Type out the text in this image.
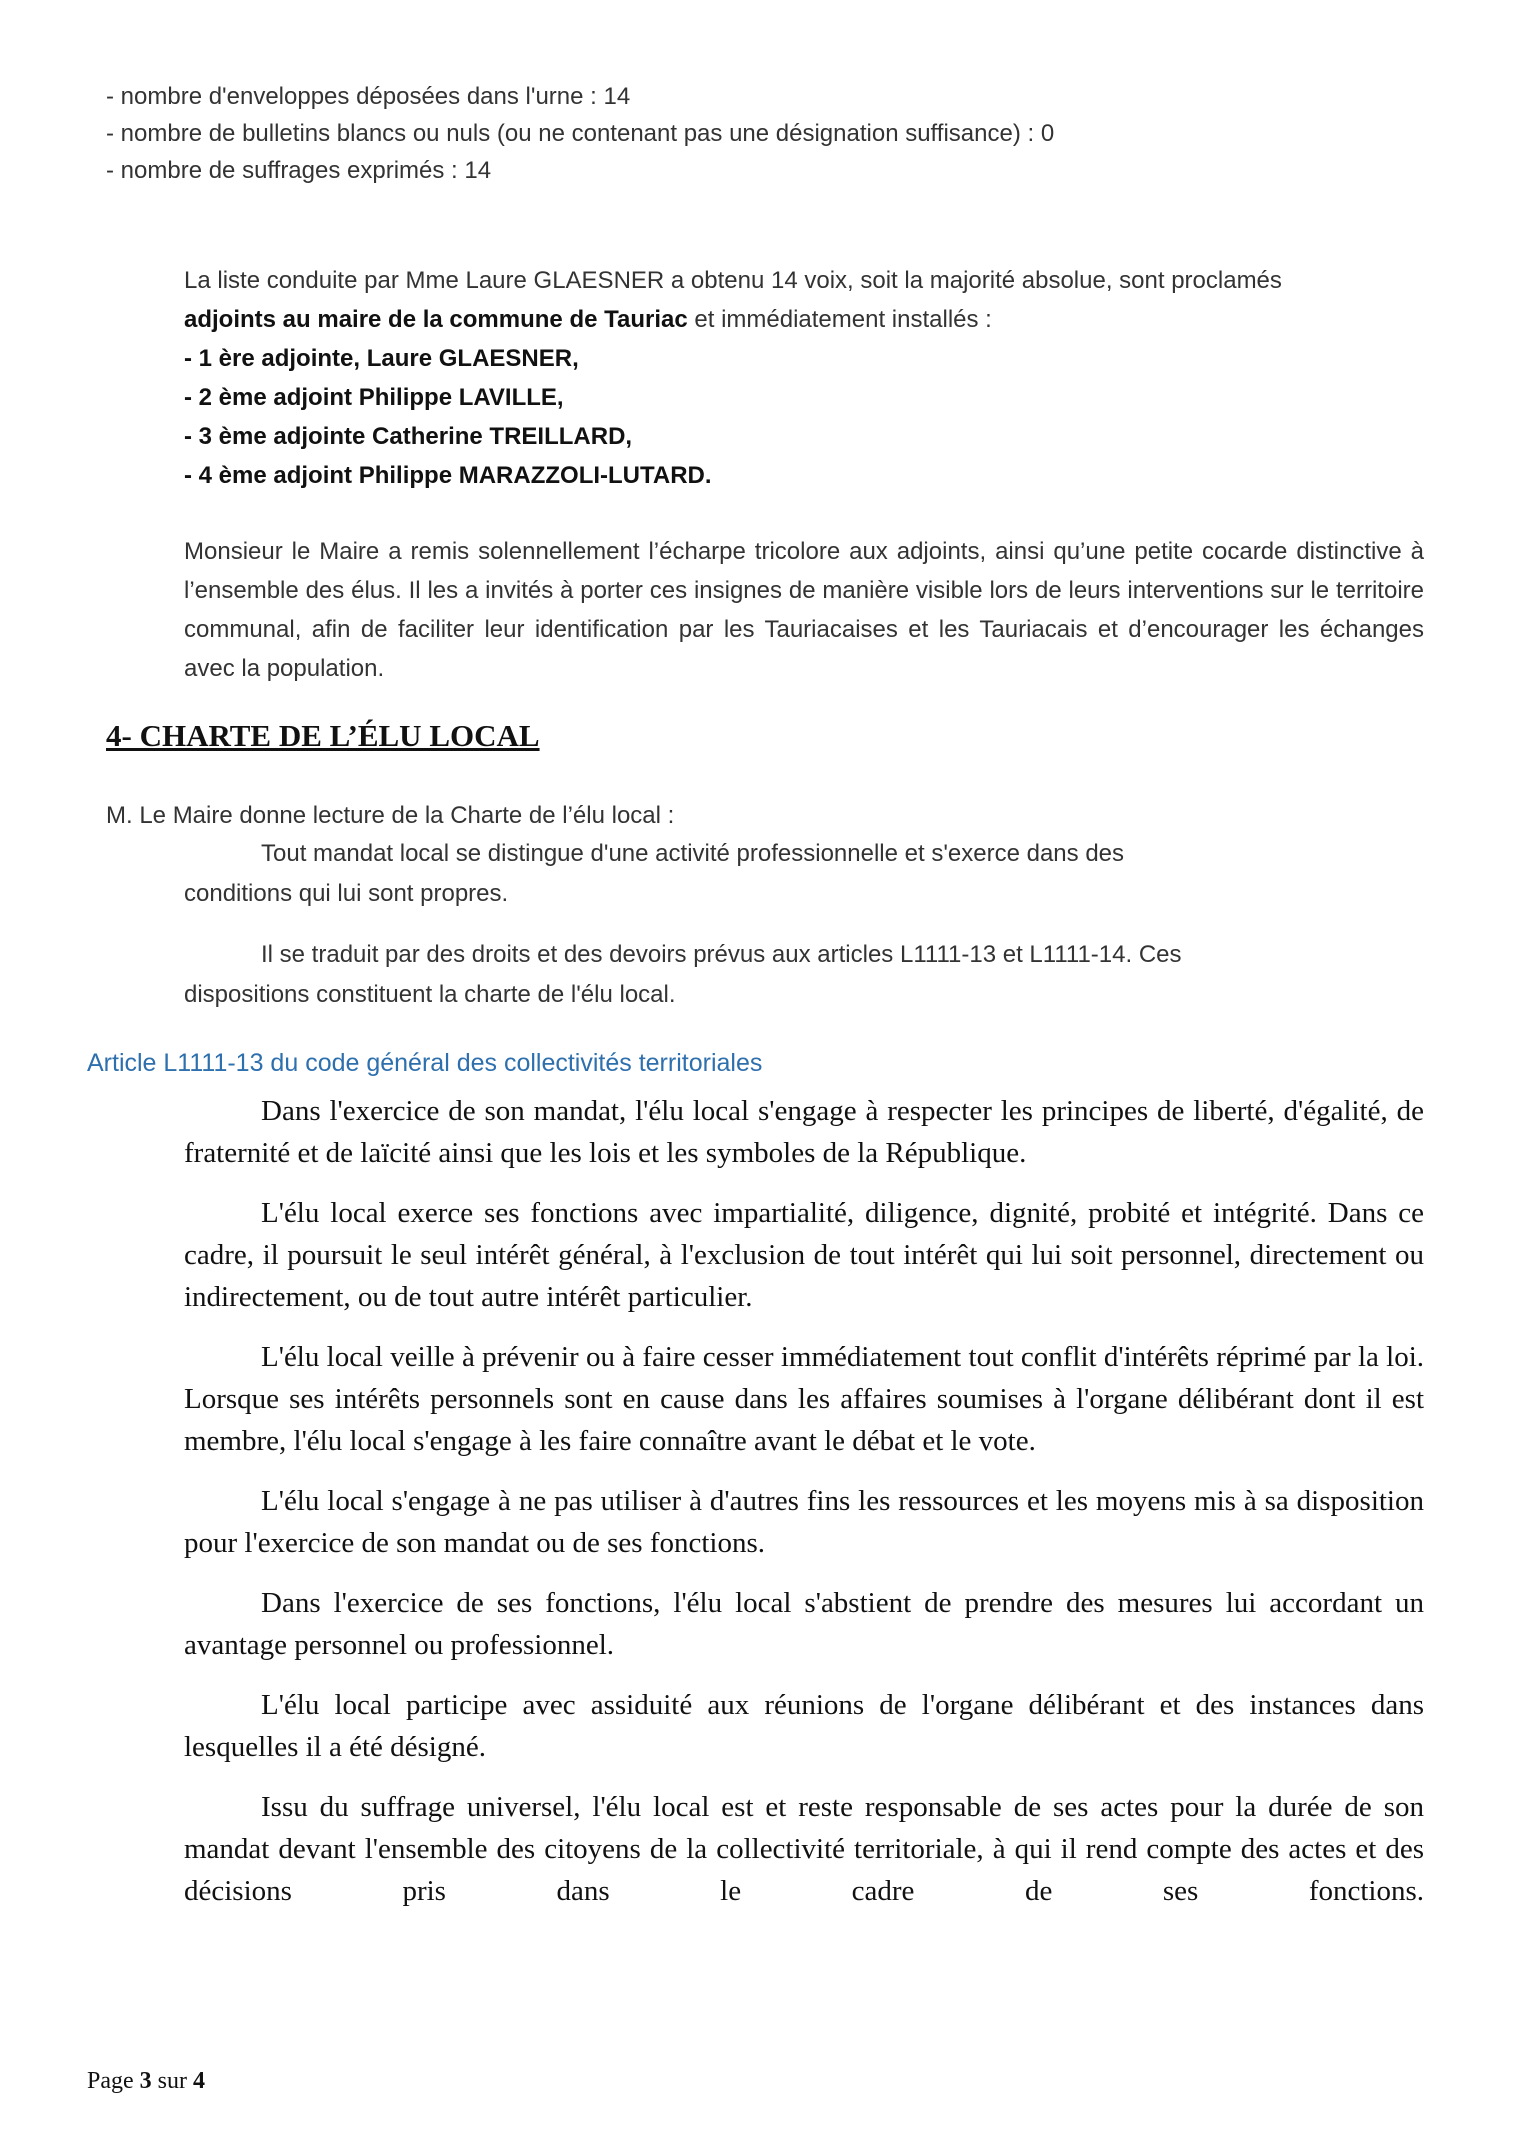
- nombre d'enveloppes déposées dans l'urne : 14
- nombre de bulletins blancs ou nuls (ou ne contenant pas une désignation suffisance) : 0
- nombre de suffrages exprimés : 14
La liste conduite par Mme Laure GLAESNER a obtenu 14 voix, soit la majorité absolue, sont proclamés
adjoints au maire de la commune de Tauriac et immédiatement installés :
- 1 ère adjointe, Laure GLAESNER,
- 2 ème adjoint Philippe LAVILLE,
- 3 ème adjointe Catherine TREILLARD,
- 4 ème adjoint Philippe MARAZZOLI-LUTARD.
Monsieur le Maire a remis solennellement l’écharpe tricolore aux adjoints, ainsi qu’une petite cocarde distinctive à l’ensemble des élus. Il les a invités à porter ces insignes de manière visible lors de leurs interventions sur le territoire communal, afin de faciliter leur identification par les Tauriacaises et les Tauriacais et d’encourager les échanges avec la population.
4- CHARTE DE L’ÉLU LOCAL
M. Le Maire donne lecture de la Charte de l’élu local :
Tout mandat local se distingue d'une activité professionnelle et s'exerce dans des
conditions qui lui sont propres.
Il se traduit par des droits et des devoirs prévus aux articles L1111-13 et L1111-14. Ces
dispositions constituent la charte de l'élu local.
Article L1111-13 du code général des collectivités territoriales

Dans l'exercice de son mandat, l'élu local s'engage à respecter les principes de liberté, d'égalité, de fraternité et de laïcité ainsi que les lois et les symboles de la République.

L'élu local exerce ses fonctions avec impartialité, diligence, dignité, probité et intégrité. Dans ce cadre, il poursuit le seul intérêt général, à l'exclusion de tout intérêt qui lui soit personnel, directement ou indirectement, ou de tout autre intérêt particulier.

L'élu local veille à prévenir ou à faire cesser immédiatement tout conflit d'intérêts réprimé par la loi. Lorsque ses intérêts personnels sont en cause dans les affaires soumises à l'organe délibérant dont il est membre, l'élu local s'engage à les faire connaître avant le débat et le vote.

L'élu local s'engage à ne pas utiliser à d'autres fins les ressources et les moyens mis à sa disposition pour l'exercice de son mandat ou de ses fonctions.

Dans l'exercice de ses fonctions, l'élu local s'abstient de prendre des mesures lui accordant un avantage personnel ou professionnel.

L'élu local participe avec assiduité aux réunions de l'organe délibérant et des instances dans lesquelles il a été désigné.

Issu du suffrage universel, l'élu local est et reste responsable de ses actes pour la durée de son mandat devant l'ensemble des citoyens de la collectivité territoriale, à qui il rend compte des actes et des décisions pris dans le cadre de ses fonctions.

Page 3 sur 4
